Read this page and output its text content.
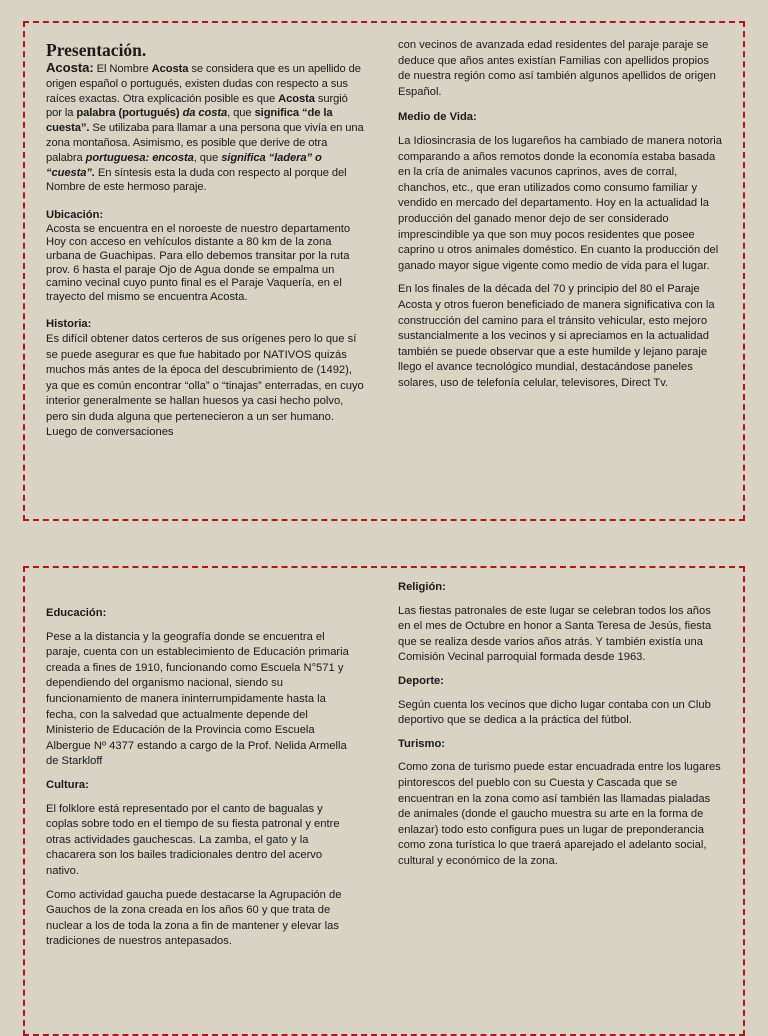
Presentación.

Acosta: El Nombre Acosta se considera que es un apellido de origen español o portugués, existen dudas con respecto a sus raíces exactas. Otra explicación posible es que Acosta surgió por la palabra (portugués) da costa, que significa “de la cuesta”. Se utilizaba para llamar a una persona que vivía en una zona montañosa. Asimismo, es posible que derive de otra palabra portuguesa: encosta, que significa “ladera” o “cuesta”. En síntesis esta la duda con respecto al porque del Nombre de este hermoso paraje.

Ubicación:

Acosta se encuentra en el noroeste de nuestro departamento

Hoy con acceso en vehículos distante a 80 km de la zona urbana de Guachipas. Para ello debemos transitar por la ruta prov. 6 hasta el paraje Ojo de Agua donde se empalma un camino vecinal cuyo punto final es el Paraje Vaquería, en el trayecto del mismo se encuentra Acosta.

Historia:

Es difícil obtener datos certeros de sus orígenes pero lo que sí se puede asegurar es que fue habitado por NATIVOS quizás muchos más antes de la época del descubrimiento de (1492), ya que es común encontrar “olla” o “tinajas” enterradas, en cuyo interior generalmente se hallan huesos ya casi hecho polvo, pero sin duda alguna que pertenecieron a un ser humano. Luego de conversaciones

con vecinos de avanzada edad residentes del paraje paraje se deduce que años antes existían Familias con apellidos propios de nuestra región como así también algunos apellidos de origen Español.

Medio de Vida:

La Idiosincrasia de los lugareños ha cambiado de manera notoria comparando a años remotos donde la economía estaba basada en la cría de animales vacunos caprinos, aves de corral, chanchos, etc., que eran utilizados como consumo familiar y vendido en mercado del departamento. Hoy en la actualidad la producción del ganado menor dejo de ser considerado imprescindible ya que son muy pocos residentes que posee caprino u otros animales doméstico. En cuanto la producción del ganado mayor sigue vigente como medio de vida para el lugar.

En los finales de la década del 70 y principio del 80 el Paraje Acosta y otros fueron beneficiado de manera significativa con la construcción del camino para el tránsito vehicular, esto mejoro sustancialmente a los vecinos y si apreciamos en la actualidad también se puede observar que a este humilde y lejano paraje llego el avance tecnológico mundial, destacándose paneles solares, uso de telefonía celular, televisores, Direct Tv.

Educación:

Pese a la distancia y la geografía donde se encuentra el paraje, cuenta con un establecimiento de Educación primaria creada a fines de 1910, funcionando como Escuela N°571 y dependiendo del organismo nacional, siendo su funcionamiento de manera ininterrumpidamente hasta la fecha, con la salvedad que actualmente depende del Ministerio de Educación de la Provincia como Escuela Albergue Nº 4377 estando a cargo de la Prof. Nelida Armella de Starkloff

Cultura:

El folklore está representado por el canto de bagualas y coplas sobre todo en el tiempo de su fiesta patronal y entre otras actividades gauchescas. La zamba, el gato y la chacarera son los bailes tradicionales dentro del acervo nativo.

Como actividad gaucha puede destacarse la Agrupación de Gauchos de la zona creada en los años 60 y que trata de nuclear a los de toda la zona a fin de mantener y elevar las tradiciones de nuestros antepasados.

Religión:

Las fiestas patronales de este lugar se celebran todos los años en el mes de Octubre en honor a Santa Teresa de Jesús, fiesta que se realiza desde varios años atrás. Y también existía una Comisión Vecinal parroquial formada desde 1963.

Deporte:

Según cuenta los vecinos que dicho lugar contaba con un Club deportivo que se dedica a la práctica del fútbol.

Turismo:

Como zona de turismo puede estar encuadrada entre los lugares pintorescos del pueblo con su Cuesta y Cascada que se encuentran en la zona como así también las llamadas pialadas de animales (donde el gaucho muestra su arte en la forma de enlazar) todo esto configura pues un lugar de preponderancia como zona turística lo que traerá aparejado el adelanto social, cultural y económico de la zona.
